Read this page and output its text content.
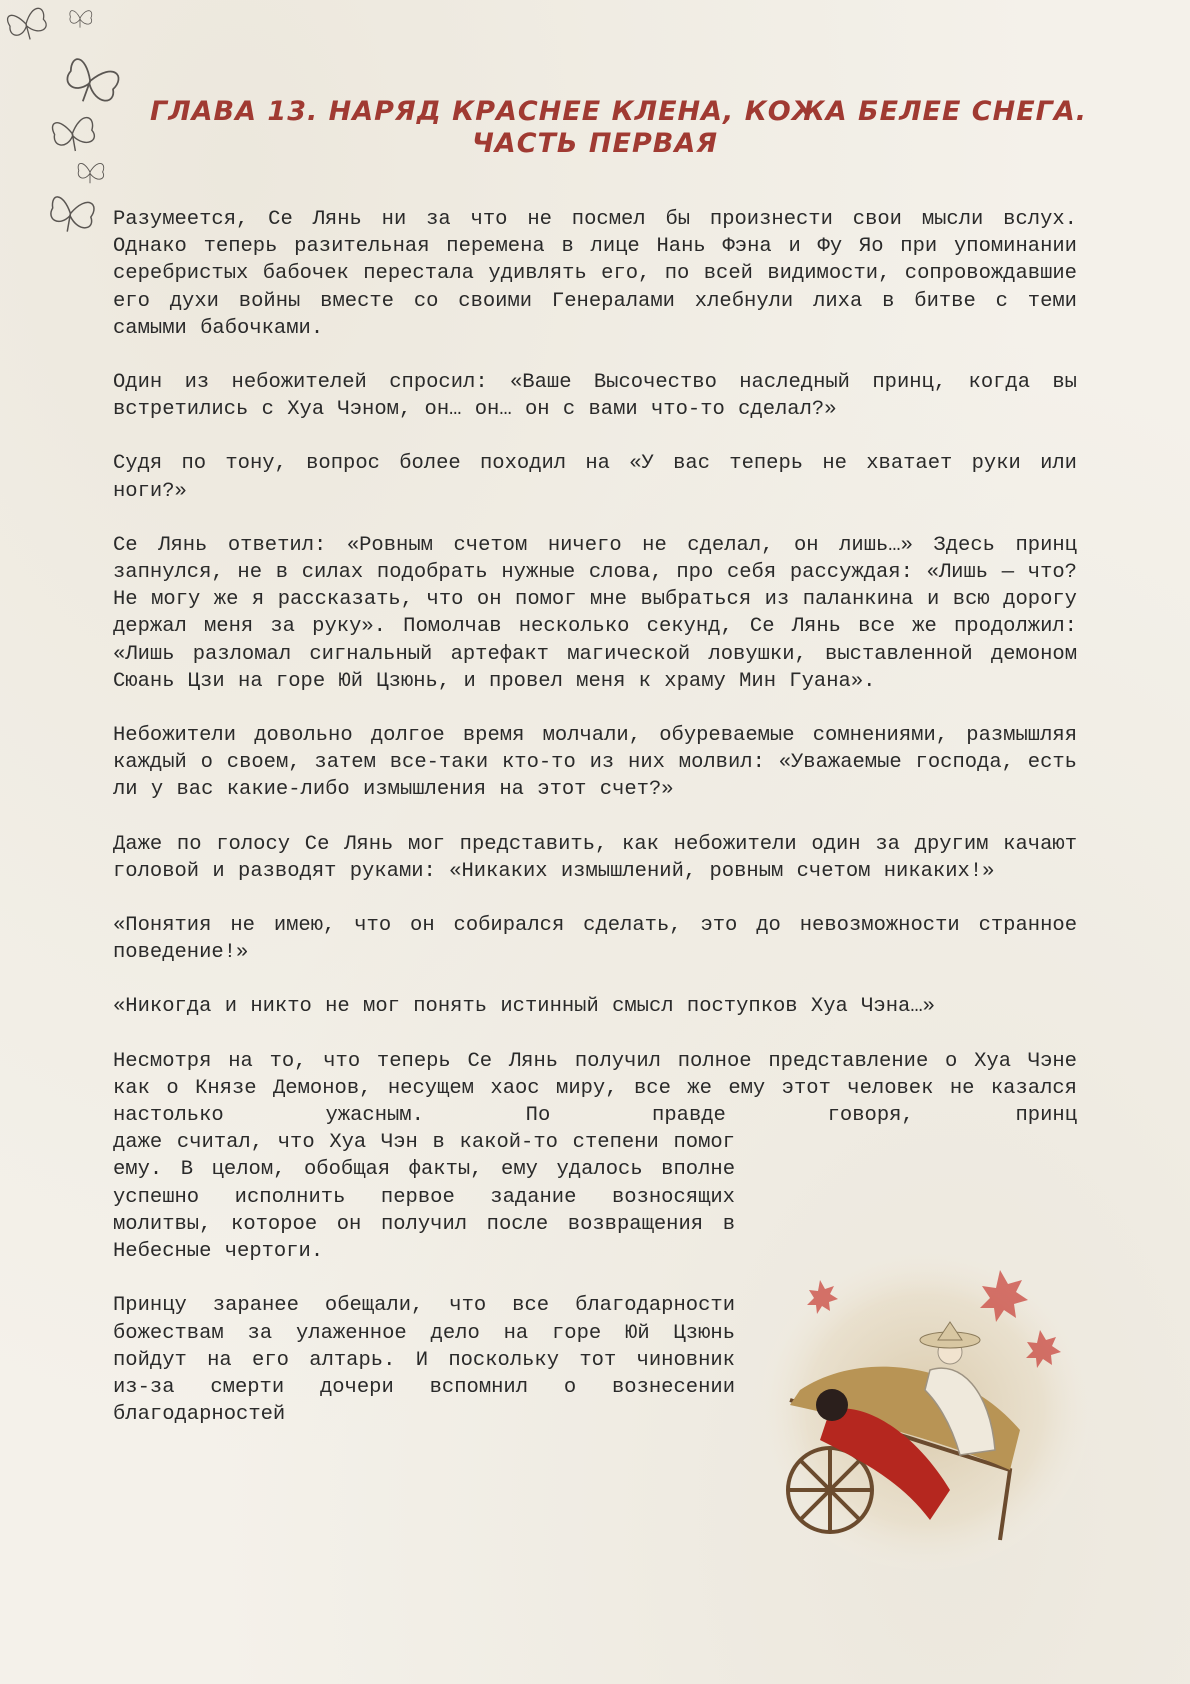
ГЛАВА 13. НАРЯД КРАСНЕЕ КЛЕНА, КОЖА БЕЛЕЕ СНЕГА.
ЧАСТЬ ПЕРВАЯ

Разумеется, Се Лянь ни за что не посмел бы произнести свои мысли вслух. Однако теперь разительная перемена в лице Нань Фэна и Фу Яо при упоминании серебристых бабочек перестала удивлять его, по всей видимости, сопровождавшие его духи войны вместе со своими Генералами хлебнули лиха в битве с теми самыми бабочками.

Один из небожителей спросил: «Ваше Высочество наследный принц, когда вы встретились с Хуа Чэном, он… он… он с вами что-то сделал?»

Судя по тону, вопрос более походил на «У вас теперь не хватает руки или ноги?»

Се Лянь ответил: «Ровным счетом ничего не сделал, он лишь…» Здесь принц запнулся, не в силах подобрать нужные слова, про себя рассуждая: «Лишь — что? Не могу же я рассказать, что он помог мне выбраться из паланкина и всю дорогу держал меня за руку». Помолчав несколько секунд, Се Лянь все же продолжил: «Лишь разломал сигнальный артефакт магической ловушки, выставленной демоном Сюань Цзи на горе Юй Цзюнь, и провел меня к храму Мин Гуана».

Небожители довольно долгое время молчали, обуреваемые сомнениями, размышляя каждый о своем, затем все-таки кто-то из них молвил: «Уважаемые господа, есть ли у вас какие-либо измышления на этот счет?»

Даже по голосу Се Лянь мог представить, как небожители один за другим качают головой и разводят руками: «Никаких измышлений, ровным счетом никаких!»

«Понятия не имею, что он собирался сделать, это до невозможности странное поведение!»

«Никогда и никто не мог понять истинный смысл поступков Хуа Чэна…»

Несмотря на то, что теперь Се Лянь получил полное представление о Хуа Чэне как о Князе Демонов, несущем хаос миру, все же ему этот человек не казался настолько ужасным. По правде говоря, принц

даже считал, что Хуа Чэн в какой-то степени помог ему. В целом, обобщая факты, ему удалось вполне успешно исполнить первое задание возносящих молитвы, которое он получил после возвращения в Небесные чертоги.

Принцу заранее обещали, что все благодарности божествам за улаженное дело на горе Юй Цзюнь пойдут на его алтарь. И поскольку тот чиновник из-за смерти дочери вспомнил о вознесении благодарностей
